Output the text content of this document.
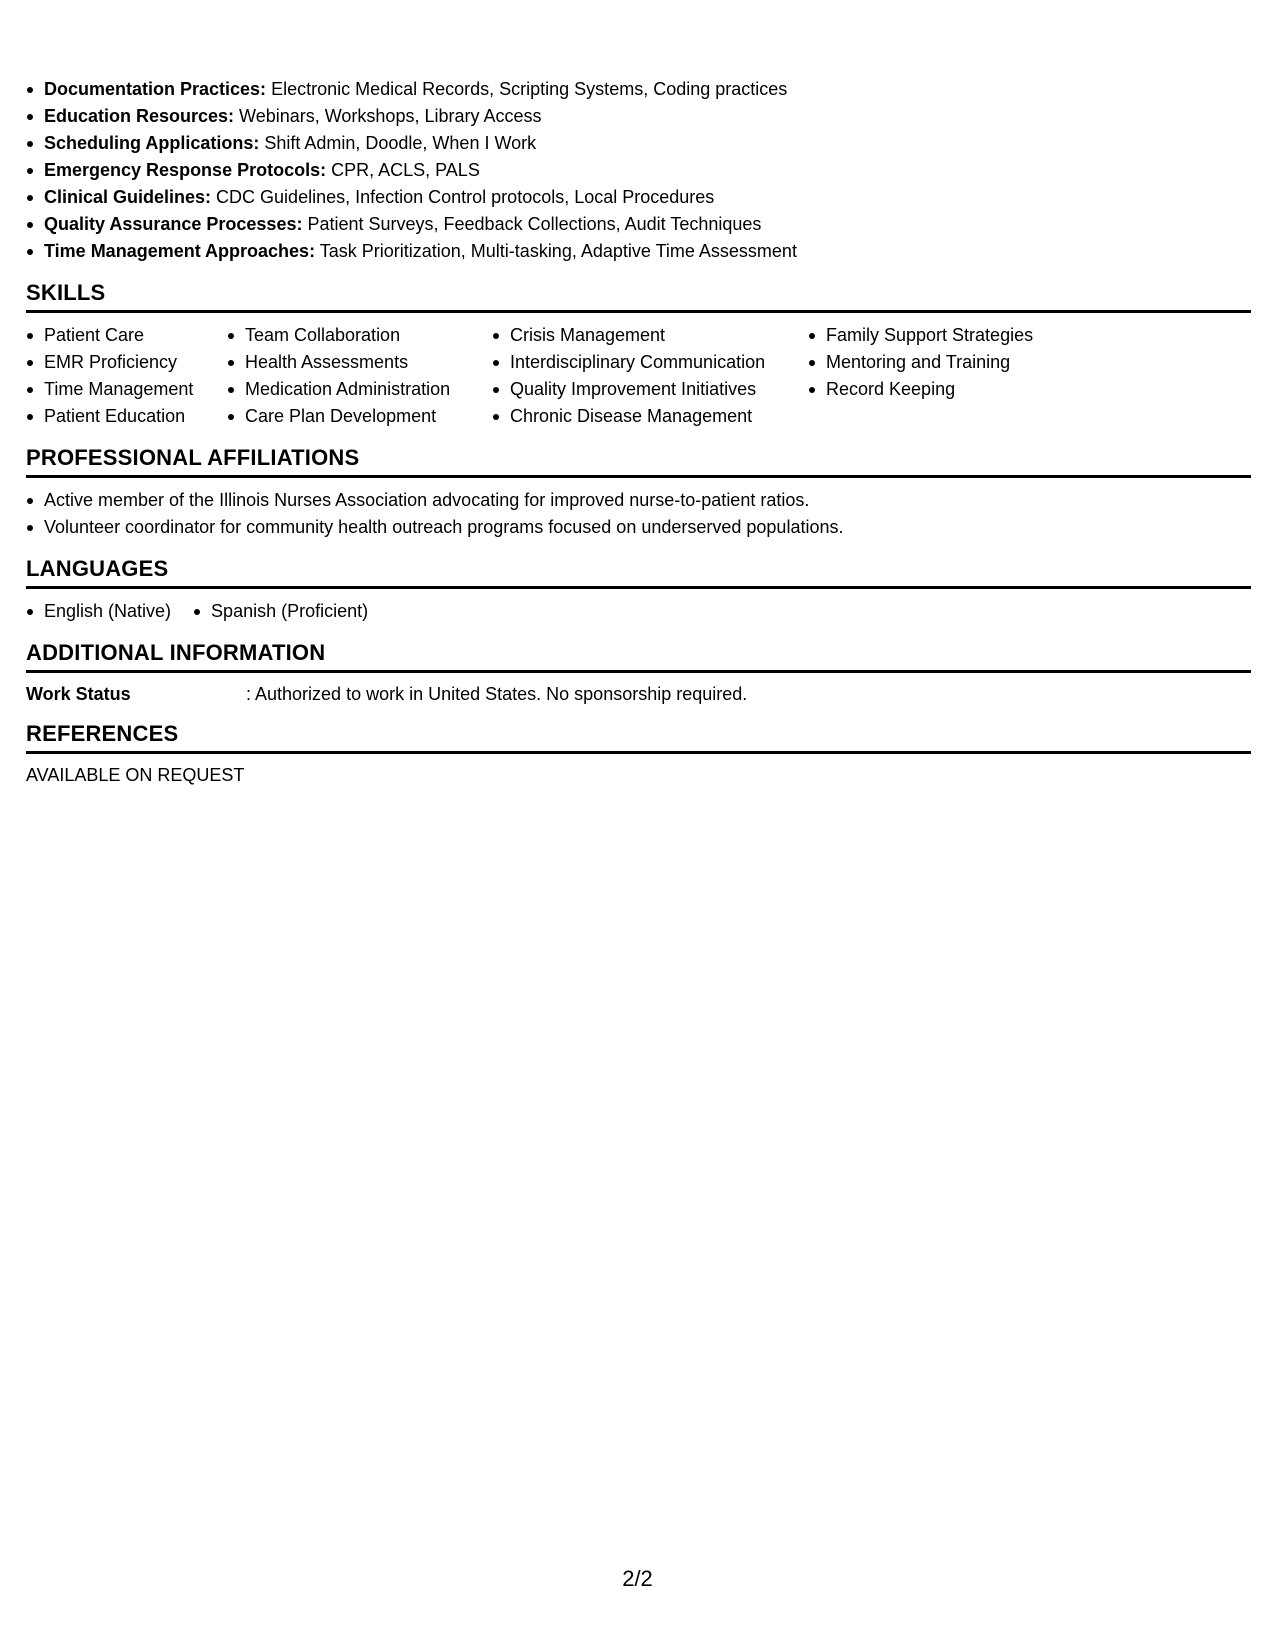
Documentation Practices: Electronic Medical Records, Scripting Systems, Coding practices
Education Resources: Webinars, Workshops, Library Access
Scheduling Applications: Shift Admin, Doodle, When I Work
Emergency Response Protocols: CPR, ACLS, PALS
Clinical Guidelines: CDC Guidelines, Infection Control protocols, Local Procedures
Quality Assurance Processes: Patient Surveys, Feedback Collections, Audit Techniques
Time Management Approaches: Task Prioritization, Multi-tasking, Adaptive Time Assessment
SKILLS
Patient Care
EMR Proficiency
Time Management
Patient Education
Team Collaboration
Health Assessments
Medication Administration
Care Plan Development
Crisis Management
Interdisciplinary Communication
Quality Improvement Initiatives
Chronic Disease Management
Family Support Strategies
Mentoring and Training
Record Keeping
PROFESSIONAL AFFILIATIONS
Active member of the Illinois Nurses Association advocating for improved nurse-to-patient ratios.
Volunteer coordinator for community health outreach programs focused on underserved populations.
LANGUAGES
English (Native)	Spanish (Proficient)
ADDITIONAL INFORMATION
Work Status	: Authorized to work in United States. No sponsorship required.
REFERENCES
AVAILABLE ON REQUEST
2/2
